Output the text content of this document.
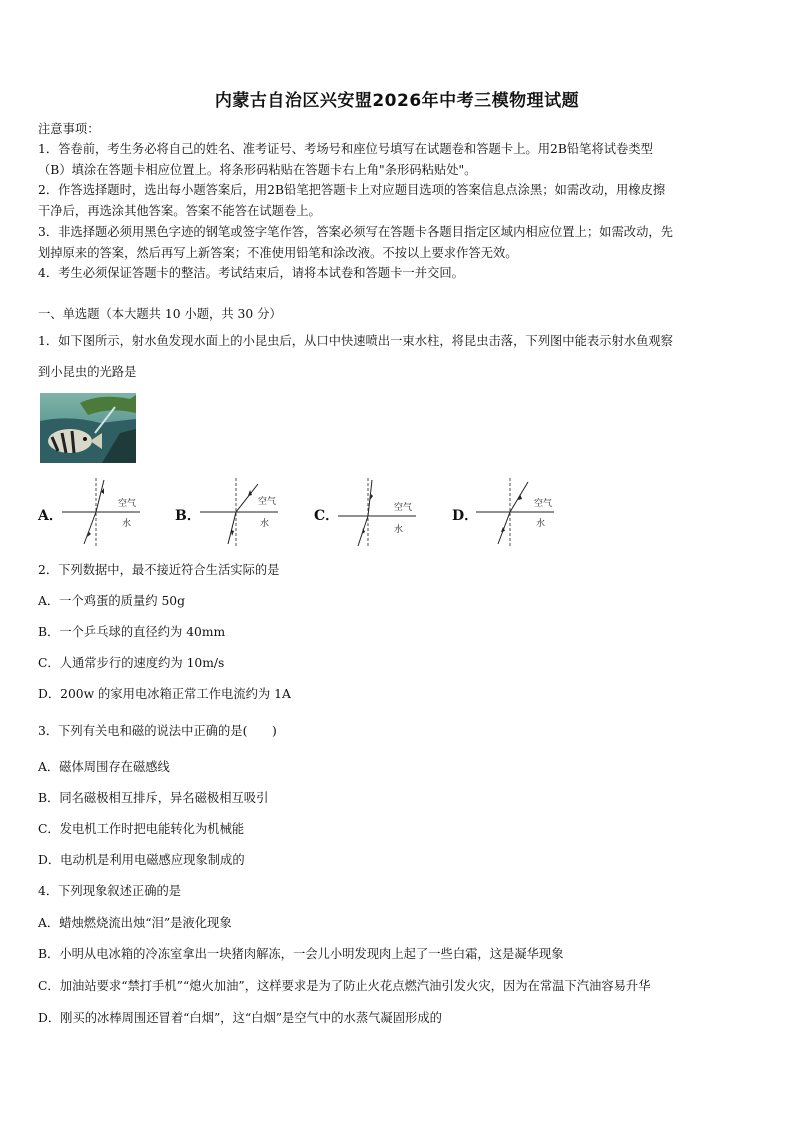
内蒙古自治区兴安盟2026年中考三模物理试题
注意事项：
1．答卷前，考生务必将自己的姓名、准考证号、考场号和座位号填写在试题卷和答题卡上。用2B铅笔将试卷类型
（B）填涂在答题卡相应位置上。将条形码粘贴在答题卡右上角"条形码粘贴处"。
2．作答选择题时，选出每小题答案后，用2B铅笔把答题卡上对应题目选项的答案信息点涂黑；如需改动，用橡皮擦
干净后，再选涂其他答案。答案不能答在试题卷上。
3．非选择题必须用黑色字迹的钢笔或签字笔作答，答案必须写在答题卡各题目指定区域内相应位置上；如需改动，先
划掉原来的答案，然后再写上新答案；不准使用铅笔和涂改液。不按以上要求作答无效。
4．考生必须保证答题卡的整洁。考试结束后，请将本试卷和答题卡一并交回。
一、单选题（本大题共 10 小题，共 30 分）
1．如下图所示，射水鱼发现水面上的小昆虫后，从口中快速喷出一束水柱，将昆虫击落，下列图中能表示射水鱼观察
到小昆虫的光路是
A．	B．	C．	D．
空气
水
空气
水
空气
水
空气
水
2．下列数据中，最不接近符合生活实际的是
A．一个鸡蛋的质量约 50g
B．一个乒乓球的直径约为 40mm
C．人通常步行的速度约为 10m/s
D．200w 的家用电冰箱正常工作电流约为 1A
3．下列有关电和磁的说法中正确的是(　　)
A．磁体周围存在磁感线
B．同名磁极相互排斥，异名磁极相互吸引
C．发电机工作时把电能转化为机械能
D．电动机是利用电磁感应现象制成的
4．下列现象叙述正确的是
A．蜡烛燃烧流出烛“泪”是液化现象
B．小明从电冰箱的冷冻室拿出一块猪肉解冻，一会儿小明发现肉上起了一些白霜，这是凝华现象
C．加油站要求“禁打手机”“熄火加油”，这样要求是为了防止火花点燃汽油引发火灾，因为在常温下汽油容易升华
D．刚买的冰棒周围还冒着“白烟”，这“白烟”是空气中的水蒸气凝固形成的
